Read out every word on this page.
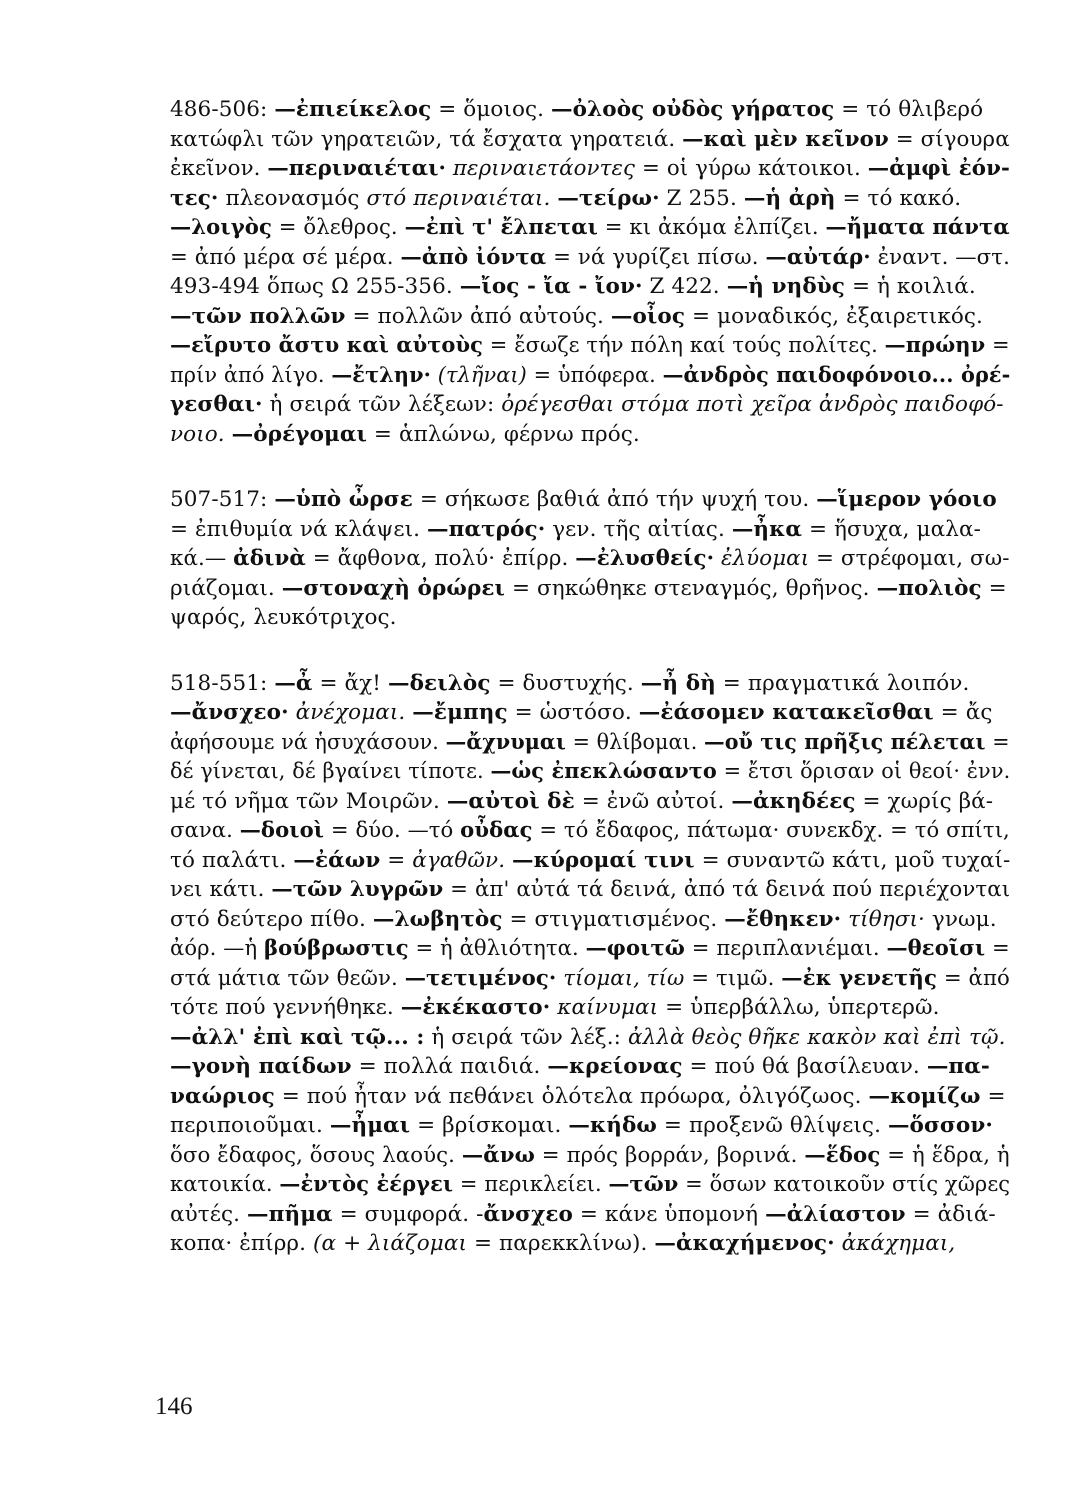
486-506: —ἐπιείκελος = ὅμοιος. —ὀλοὸς οὐδὸς γήρατος = τό θλιβερό
κατώφλι τῶν γηρατειῶν, τά ἔσχατα γηρατειά. —καὶ μὲν κεῖνον = σίγουρα
ἐκεῖνον. —περιναιέται· περιναιετάοντες = οἱ γύρω κάτοικοι. —ἀμφὶ ἐόν-
τες· πλεονασμός στό περιναιέται. —τείρω· Ζ 255. —ἡ ἀρὴ = τό κακό.
—λοιγὸς = ὄλεθρος. —ἐπὶ τ' ἔλπεται = κι ἀκόμα ἐλπίζει. —ἤματα πάντα
= ἀπό μέρα σέ μέρα. —ἀπὸ ἰόντα = νά γυρίζει πίσω. —αὐτάρ· ἐναντ. —στ.
493-494 ὅπως Ω 255-356. —ἴος - ἴα - ἴον· Ζ 422. —ἡ νηδὺς = ἡ κοιλιά.
—τῶν πολλῶν = πολλῶν ἀπό αὐτούς. —οἶος = μοναδικός, ἐξαιρετικός.
—εἴρυτο ἄστυ καὶ αὐτοὺς = ἔσωζε τήν πόλη καί τούς πολίτες. —πρώην =
πρίν ἀπό λίγο. —ἔτλην· (τλῆναι) = ὑπόφερα. —ἀνδρὸς παιδοφόνοιο... ὀρέ-
γεσθαι· ἡ σειρά τῶν λέξεων: ὀρέγεσθαι στόμα ποτὶ χεῖρα ἀνδρὸς παιδοφό-
νοιο. —ὀρέγομαι = ἁπλώνω, φέρνω πρός.
507-517: —ὑπὸ ὦρσε = σήκωσε βαθιά ἀπό τήν ψυχή του. —ἵμερον γόοιο
= ἐπιθυμία νά κλάψει. —πατρός· γεν. τῆς αἰτίας. —ἦκα = ἥσυχα, μαλα-
κά.— ἀδινὰ = ἄφθονα, πολύ· ἐπίρρ. —ἐλυσθείς· ἐλύομαι = στρέφομαι, σω-
ριάζομαι. —στοναχὴ ὀρώρει = σηκώθηκε στεναγμός, θρῆνος. —πολιὸς =
ψαρός, λευκότριχος.
518-551: —ἆ = ἄχ! —δειλὸς = δυστυχής. —ἦ δὴ = πραγματικά λοιπόν.
—ἄνσχεο· ἀνέχομαι. —ἔμπης = ὡστόσο. —ἐάσομεν κατακεῖσθαι = ἄς
ἀφήσουμε νά ἡσυχάσουν. —ἄχνυμαι = θλίβομαι. —οὔ τις πρῆξις πέλεται =
δέ γίνεται, δέ βγαίνει τίποτε. —ὡς ἐπεκλώσαντο = ἔτσι ὅρισαν οἱ θεοί· ἐνν.
μέ τό νῆμα τῶν Μοιρῶν. —αὐτοὶ δὲ = ἐνῶ αὐτοί. —ἀκηδέες = χωρίς βά-
σανα. —δοιοὶ = δύο. —τό οὖδας = τό ἔδαφος, πάτωμα· συνεκδχ. = τό σπίτι,
τό παλάτι. —ἐάων = ἀγαθῶν. —κύρομαί τινι = συναντῶ κάτι, μοῦ τυχαί-
νει κάτι. —τῶν λυγρῶν = ἀπ' αὐτά τά δεινά, ἀπό τά δεινά πού περιέχονται
στό δεύτερο πίθο. —λωβητὸς = στιγματισμένος. —ἔθηκεν· τίθησι· γνωμ.
ἀόρ. —ἡ βούβρωστις = ἡ ἀθλιότητα. —φοιτῶ = περιπλανιέμαι. —θεοῖσι =
στά μάτια τῶν θεῶν. —τετιμένος· τίομαι, τίω = τιμῶ. —ἐκ γενετῆς = ἀπό
τότε πού γεννήθηκε. —ἐκέκαστο· καίνυμαι = ὑπερβάλλω, ὑπερτερῶ.
—ἀλλ' ἐπὶ καὶ τῷ... : ἡ σειρά τῶν λέξ.: ἀλλὰ θεὸς θῆκε κακὸν καὶ ἐπὶ τῷ.
—γονὴ παίδων = πολλά παιδιά. —κρείονας = πού θά βασίλευαν. —πα-
ναώριος = πού ἦταν νά πεθάνει ὁλότελα πρόωρα, ὀλιγόζωος. —κομίζω =
περιποιοῦμαι. —ἦμαι = βρίσκομαι. —κήδω = προξενῶ θλίψεις. —ὅσσον·
ὅσο ἔδαφος, ὅσους λαούς. —ἄνω = πρός βορράν, βορινά. —ἕδος = ἡ ἕδρα, ἡ
κατοικία. —ἐντὸς ἐέργει = περικλείει. —τῶν = ὅσων κατοικοῦν στίς χῶρες
αὐτές. —πῆμα = συμφορά. -ἄνσχεο = κάνε ὑπομονή —ἀλίαστον = ἀδιά-
κοπα· ἐπίρρ. (α + λιάζομαι = παρεκκλίνω). —ἀκαχήμενος· ἀκάχημαι,
146
